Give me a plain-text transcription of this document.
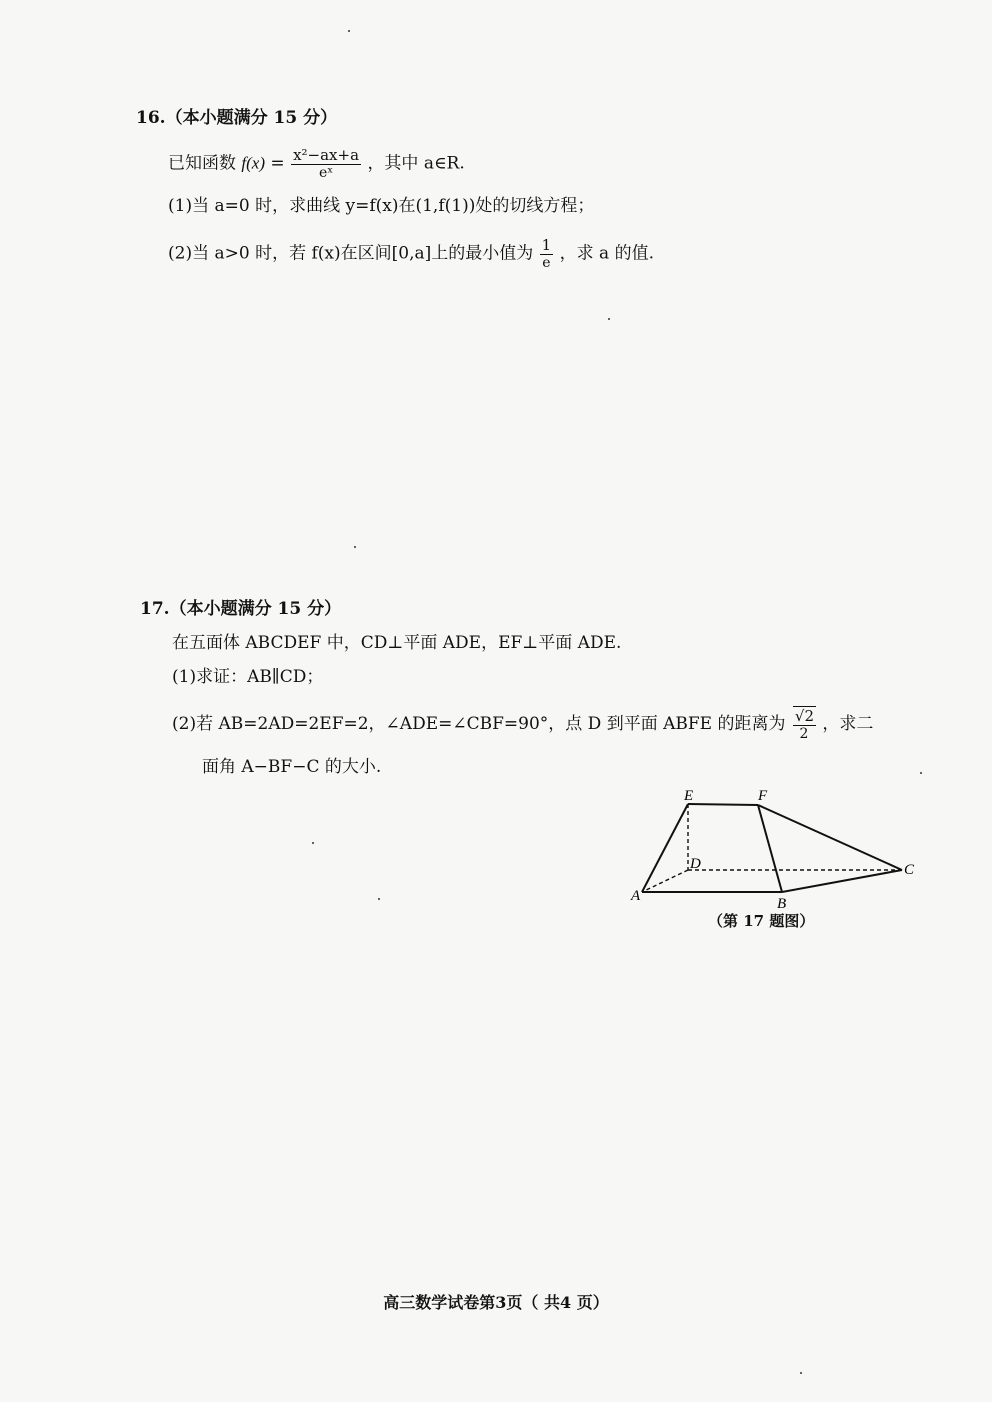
16.（本小题满分 15 分）
已知函数 $f(x) = \frac{\text{x²−ax+a}}{\text{eˣ}}$ ，其中 a∈R.
(1)当 a=0 时，求曲线 y=f(x)在(1,f(1))处的切线方程；
(2)当 a>0 时，若 f(x)在区间[0,a]上的最小值为 $\frac{1}{e}$ ，求 a 的值.
17.（本小题满分 15 分）
在五面体 ABCDEF 中，CD⊥平面 ADE，EF⊥平面 ADE.
(1)求证：AB∥CD；
(2)若 AB=2AD=2EF=2，∠ADE=∠CBF=90°，点 D 到平面 ABFE 的距离为 $\frac{√2}{2}$ ，求二
面角 A−BF−C 的大小.
E	F
D
A	B
C
（第 17 题图）
高三数学试卷第3页（ 共4 页）
